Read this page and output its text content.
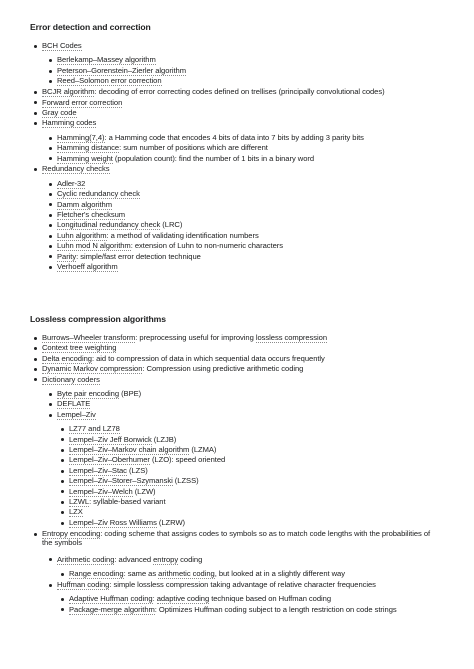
Error detection and correction
BCH Codes
Berlekamp–Massey algorithm
Peterson–Gorenstein–Zierler algorithm
Reed–Solomon error correction
BCJR algorithm: decoding of error correcting codes defined on trellises (principally convolutional codes)
Forward error correction
Gray code
Hamming codes
Hamming(7,4): a Hamming code that encodes 4 bits of data into 7 bits by adding 3 parity bits
Hamming distance: sum number of positions which are different
Hamming weight (population count): find the number of 1 bits in a binary word
Redundancy checks
Adler-32
Cyclic redundancy check
Damm algorithm
Fletcher's checksum
Longitudinal redundancy check (LRC)
Luhn algorithm: a method of validating identification numbers
Luhn mod N algorithm: extension of Luhn to non-numeric characters
Parity: simple/fast error detection technique
Verhoeff algorithm
Lossless compression algorithms
Burrows–Wheeler transform: preprocessing useful for improving lossless compression
Context tree weighting
Delta encoding: aid to compression of data in which sequential data occurs frequently
Dynamic Markov compression: Compression using predictive arithmetic coding
Dictionary coders
Byte pair encoding (BPE)
DEFLATE
Lempel–Ziv
LZ77 and LZ78
Lempel–Ziv Jeff Bonwick (LZJB)
Lempel–Ziv–Markov chain algorithm (LZMA)
Lempel–Ziv–Oberhumer (LZO): speed oriented
Lempel–Ziv–Stac (LZS)
Lempel–Ziv–Storer–Szymanski (LZSS)
Lempel–Ziv–Welch (LZW)
LZWL: syllable-based variant
LZX
Lempel–Ziv Ross Williams (LZRW)
Entropy encoding: coding scheme that assigns codes to symbols so as to match code lengths with the probabilities of the symbols
Arithmetic coding: advanced entropy coding
Range encoding: same as arithmetic coding, but looked at in a slightly different way
Huffman coding: simple lossless compression taking advantage of relative character frequencies
Adaptive Huffman coding: adaptive coding technique based on Huffman coding
Package-merge algorithm: Optimizes Huffman coding subject to a length restriction on code strings
